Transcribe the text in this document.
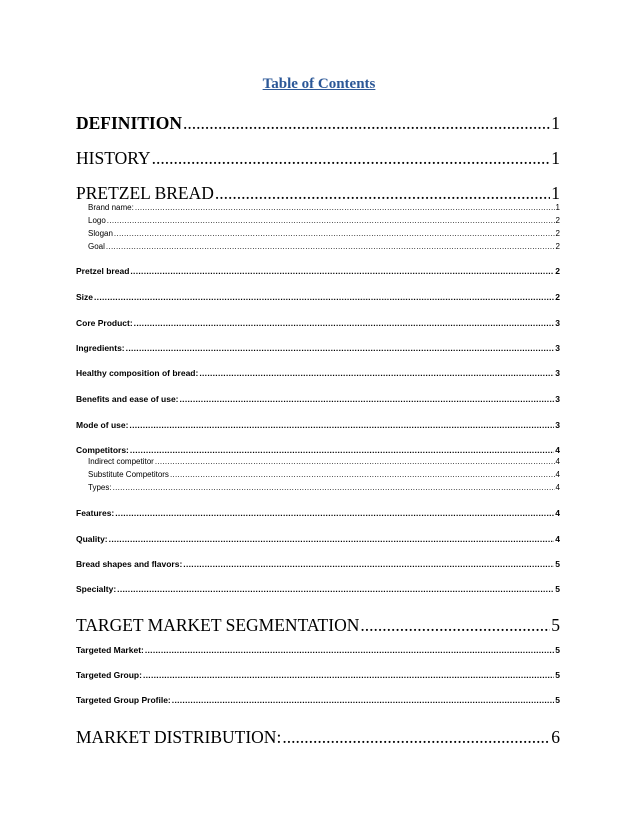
Table of Contents
DEFINITION .....	1
HISTORY .....	1
PRETZEL BREAD .....	1
Brand name: .....	1
Logo .....	2
Slogan .....	2
Goal .....	2
Pretzel bread .....	2
Size .....	2
Core Product: .....	3
Ingredients: .....	3
Healthy composition of bread: .....	3
Benefits and ease of use: .....	3
Mode of use: .....	3
Competitors: .....	4
Indirect competitor .....	4
Substitute Competitors .....	4
Types: .....	4
Features: .....	4
Quality: .....	4
Bread shapes and flavors: .....	5
Specialty: .....	5
TARGET MARKET SEGMENTATION .....	5
Targeted Market: .....	5
Targeted Group: .....	5
Targeted Group Profile: .....	5
MARKET DISTRIBUTION: .....	6
